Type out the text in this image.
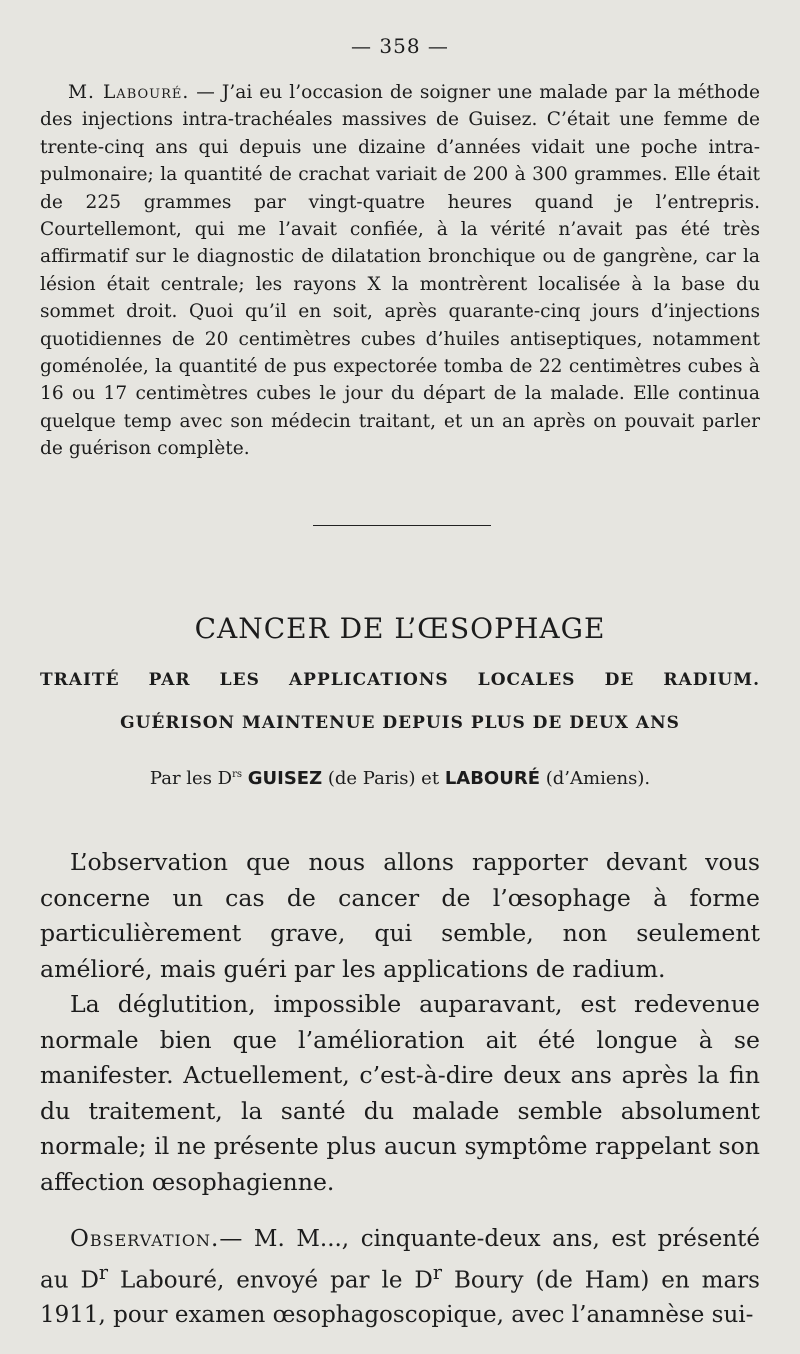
— 358 —

M. Labouré. — J’ai eu l’occasion de soigner une malade par la méthode des injections intra-trachéales massives de Guisez. C’était une femme de trente-cinq ans qui depuis une dizaine d’années vidait une poche intra-pulmonaire; la quantité de crachat variait de 200 à 300 grammes. Elle était de 225 grammes par vingt-quatre heures quand je l’entrepris. Courtellemont, qui me l’avait confiée, à la vérité n’avait pas été très affirmatif sur le diagnostic de dilatation bronchique ou de gangrène, car la lésion était centrale; les rayons X la montrèrent localisée à la base du sommet droit. Quoi qu’il en soit, après quarante-cinq jours d’injections quotidiennes de 20 centimètres cubes d’huiles antiseptiques, notamment goménolée, la quantité de pus expectorée tomba de 22 centimètres cubes à 16 ou 17 centimètres cubes le jour du départ de la malade. Elle continua quelque temp avec son médecin traitant, et un an après on pouvait parler de guérison complète.

CANCER DE L’ŒSOPHAGE
TRAITÉ PAR LES APPLICATIONS LOCALES DE RADIUM.
GUÉRISON MAINTENUE DEPUIS PLUS DE DEUX ANS
Par les $D^{rs}$ GUISEZ (de Paris) et LABOURÉ (d’Amiens).

L’observation que nous allons rapporter devant vous concerne un cas de cancer de l’œsophage à forme particulièrement grave, qui semble, non seulement amélioré, mais guéri par les applications de radium.

La déglutition, impossible auparavant, est redevenue normale bien que l’amélioration ait été longue à se manifester. Actuellement, c’est-à-dire deux ans après la fin du traitement, la santé du malade semble absolument normale; il ne présente plus aucun symptôme rappelant son affection œsophagienne.

Observation.— M. M..., cinquante-deux ans, est présenté au $D^r$ Labouré, envoyé par le $D^r$ Boury (de Ham) en mars 1911, pour examen œsophagoscopique, avec l’anamnèse sui-
